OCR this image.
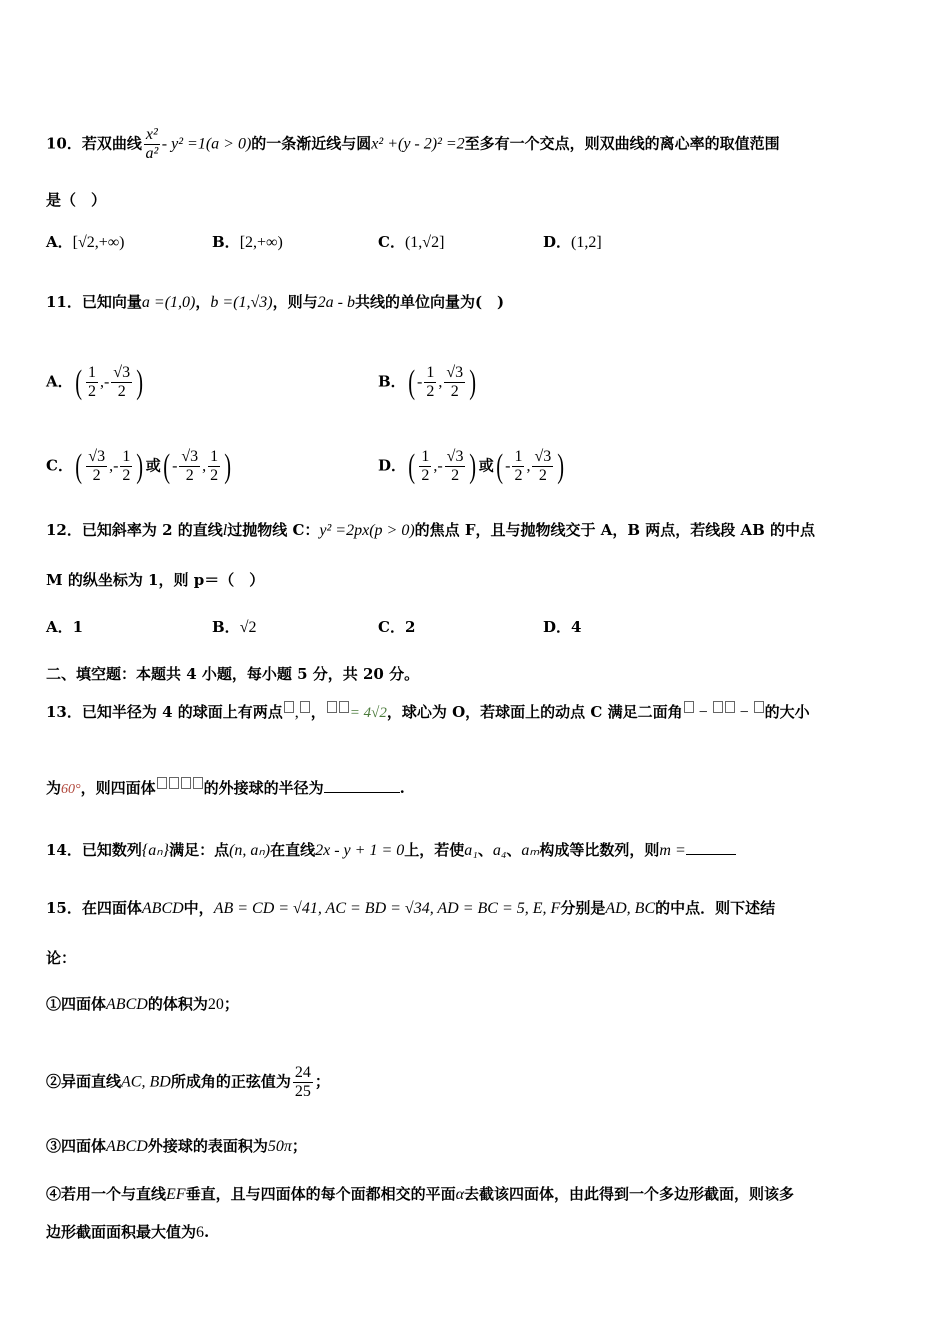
10．若双曲线 $\frac{\text{x²}}{\text{a²}} - y^2 =1(a > 0)$的一条渐近线与圆x² +(y - 2)² =2至多有一个交点，则双曲线的离心率的取值范围
是（　）
A．[√2,+∞)	B．[2,+∞)	C．(1,√2]	D．(1,2]
11．已知向量a =(1,0)，b =(1,√3)，则与2a - b共线的单位向量为(　)
A．( $\frac{1}{2}$ ,- $\frac{√3}{2}$ )	B．( - $\frac{1}{2}$ , $\frac{√3}{2}$ )
C．( $\frac{√3}{2}$ ,- $\frac{1}{2}$ ) 或( - $\frac{√3}{2}$ , $\frac{1}{2}$ )	D．( $\frac{1}{2}$ ,- $\frac{√3}{2}$ ) 或( - $\frac{1}{2}$ , $\frac{√3}{2}$ )
12．已知斜率为 2 的直线l过抛物线 C：y² =2px(p > 0)的焦点 F，且与抛物线交于 A，B 两点，若线段 AB 的中点
M 的纵坐标为 1，则 p＝（　）
A．1	B．√2	C．2	D．4
二、填空题：本题共 4 小题，每小题 5 分，共 20 分。
13．已知半径为 4 的球面上有两点 , ， = 4√2，球心为 O，若球面上的动点 C 满足二面角 −  − 的大小
为60°，则四面体	的外接球的半径为	.
14．已知数列{aₙ}满足：点(n, aₙ)在直线2x - y + 1 = 0上，若使a₁、a₄、aₘ构成等比数列，则m =
15．在四面体ABCD中，AB = CD = √41, AC = BD = √34, AD = BC = 5, E, F分别是AD, BC的中点．则下述结
论：
①四面体ABCD的体积为20；
②异面直线AC, BD所成角的正弦值为 $\frac{24}{25}$ ；
③四面体ABCD外接球的表面积为50π；
④若用一个与直线EF垂直，且与四面体的每个面都相交的平面α去截该四面体，由此得到一个多边形截面，则该多
边形截面面积最大值为6.
